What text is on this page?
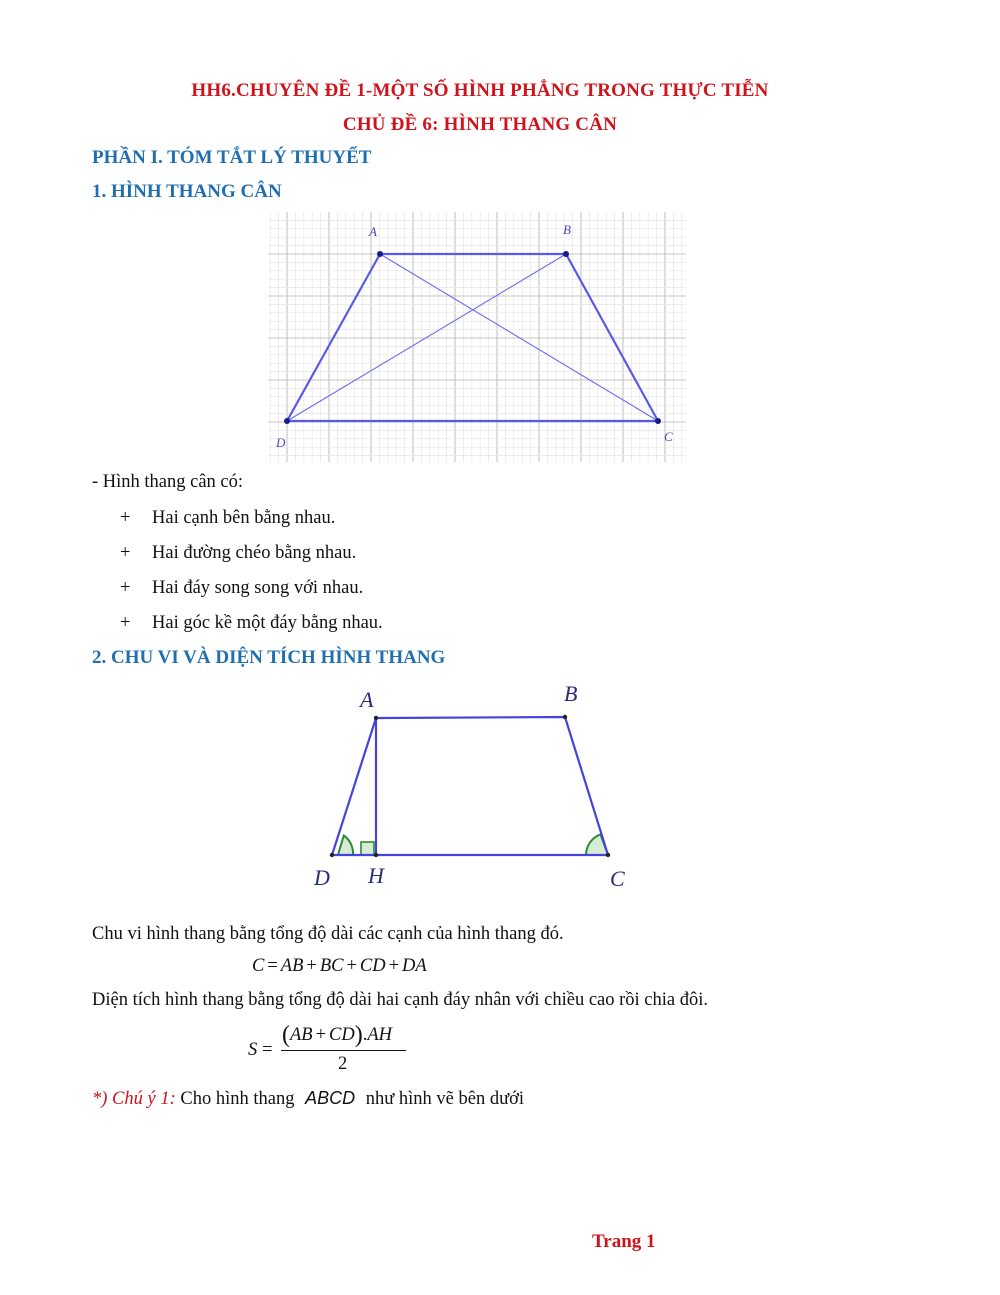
HH6.CHUYÊN ĐỀ 1-MỘT SỐ HÌNH PHẲNG TRONG THỰC TIỄN
CHỦ ĐỀ 6: HÌNH THANG CÂN
PHẦN I. TÓM TẮT LÝ THUYẾT
1. HÌNH THANG CÂN
A	B
C
D
- Hình thang cân có:
+ Hai cạnh bên bằng nhau.
+ Hai đường chéo bằng nhau.
+ Hai đáy song song với nhau.
+ Hai góc kề một đáy bằng nhau.
2. CHU VI VÀ DIỆN TÍCH HÌNH THANG
A	B
C
D H
Chu vi hình thang bằng tổng độ dài các cạnh của hình thang đó.
C = AB + BC + CD + DA
Diện tích hình thang bằng tổng độ dài hai cạnh đáy nhân với chiều cao rồi chia đôi.
S =
(AB + CD).AH
2
*) Chú ý 1: Cho hình thang ABCD như hình vẽ bên dưới
Trang 1
